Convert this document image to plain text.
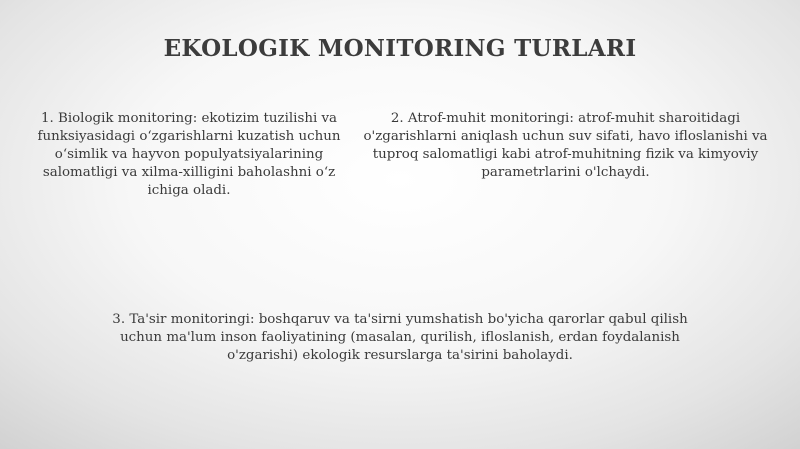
EKOLOGIK MONITORING TURLARI

1. Biologik monitoring: ekotizim tuzilishi va funksiyasidagi o‘zgarishlarni kuzatish uchun o‘simlik va hayvon populyatsiyalarining salomatligi va xilma-xilligini baholashni o‘z ichiga oladi.

2. Atrof-muhit monitoringi: atrof-muhit sharoitidagi o'zgarishlarni aniqlash uchun suv sifati, havo ifloslanishi va tuproq salomatligi kabi atrof-muhitning fizik va kimyoviy parametrlarini o'lchaydi.

3. Ta'sir monitoringi: boshqaruv va ta'sirni yumshatish bo'yicha qarorlar qabul qilish uchun ma'lum inson faoliyatining (masalan, qurilish, ifloslanish, erdan foydalanish o'zgarishi) ekologik resurslarga ta'sirini baholaydi.
